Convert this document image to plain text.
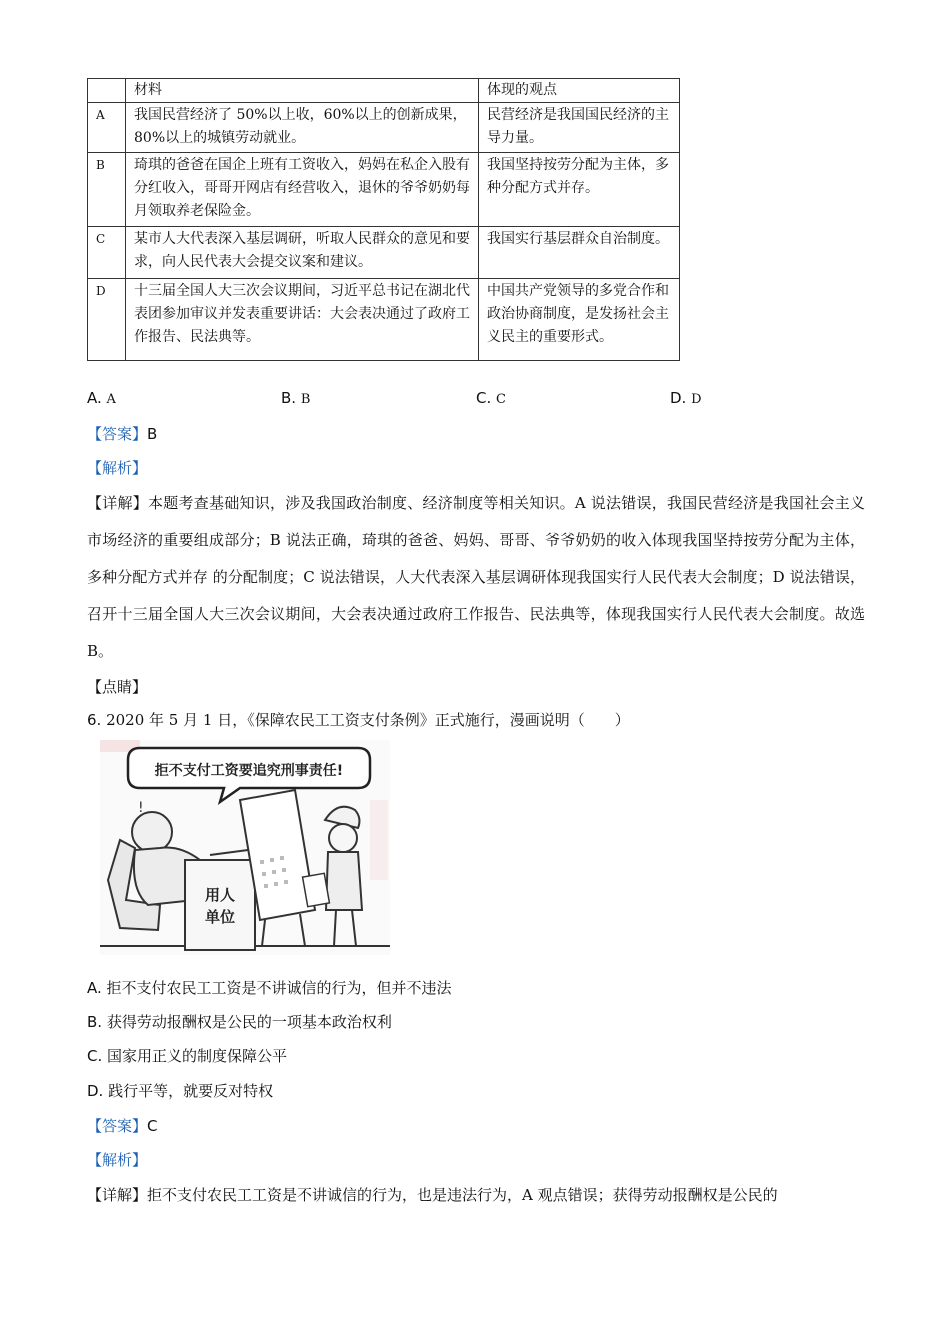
	材料	体现的观点
A	我国民营经济了 50%以上收，60%以上的创新成果，80%以上的城镇劳动就业。	民营经济是我国国民经济的主导力量。
B	琦琪的爸爸在国企上班有工资收入，妈妈在私企入股有分红收入，哥哥开网店有经营收入，退休的爷爷奶奶每月领取养老保险金。	我国坚持按劳分配为主体，多种分配方式并存。
C	某市人大代表深入基层调研，听取人民群众的意见和要求，向人民代表大会提交议案和建议。	我国实行基层群众自治制度。
D	十三届全国人大三次会议期间，习近平总书记在湖北代表团参加审议并发表重要讲话：大会表决通过了政府工作报告、民法典等。	中国共产党领导的多党合作和政治协商制度，是发扬社会主义民主的重要形式。
A. A	B. B	C. C	D. D
【答案】B
【解析】
【详解】本题考查基础知识，涉及我国政治制度、经济制度等相关知识。A 说法错误，我国民营经济是我国社会主义市场经济的重要组成部分；B 说法正确，琦琪的爸爸、妈妈、哥哥、爷爷奶奶的收入体现我国坚持按劳分配为主体，多种分配方式并存 的分配制度；C 说法错误，人大代表深入基层调研体现我国实行人民代表大会制度；D 说法错误，召开十三届全国人大三次会议期间，大会表决通过政府工作报告、民法典等，体现我国实行人民代表大会制度。故选 B。
【点睛】
6. 2020 年 5 月 1 日，《保障农民工工资支付条例》正式施行，漫画说明（　　）
拒不支付工资要追究刑事责任!
!
用人
单位
A. 拒不支付农民工工资是不讲诚信的行为，但并不违法
B. 获得劳动报酬权是公民的一项基本政治权利
C. 国家用正义的制度保障公平
D. 践行平等，就要反对特权
【答案】C
【解析】
【详解】拒不支付农民工工资是不讲诚信的行为，也是违法行为，A 观点错误；获得劳动报酬权是公民的
